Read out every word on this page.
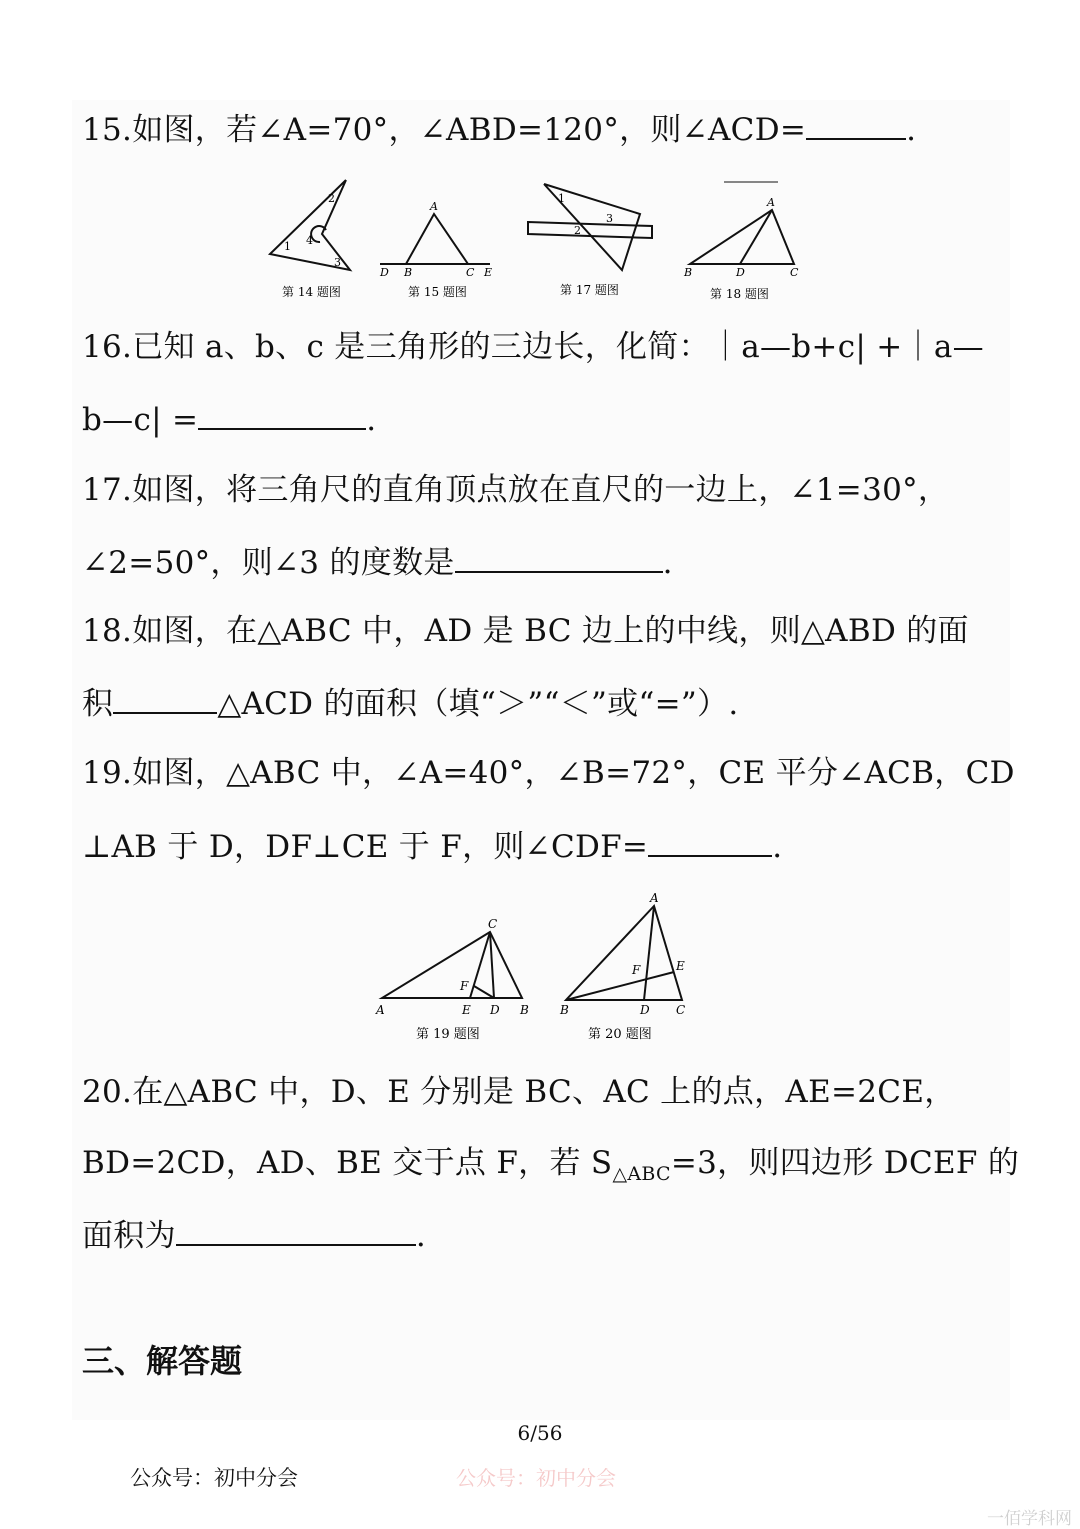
15.如图，若∠A=70°，∠ABD=120°，则∠ACD=	.
1
2
3
4
第 14 题图
A
D B	C E
第 15 题图
1
2
3
第 17 题图
A
B	D	C
第 18 题图
16.已知 a、b、c 是三角形的三边长，化简：｜a—b+c| +｜a—
b—c| =	.
17.如图，将三角尺的直角顶点放在直尺的一边上，∠1=30°，
∠2=50°，则∠3 的度数是	.
18.如图，在△ABC 中，AD 是 BC 边上的中线，则△ABD 的面
积	△ACD 的面积（填“＞”“＜”或“=”）.
19.如图，△ABC 中，∠A=40°，∠B=72°，CE 平分∠ACB，CD
⊥AB 于 D，DF⊥CE 于 F，则∠CDF=	.
C
A	E D B
F
第 19 题图
A
B	D C
E
F
第 20 题图
20.在△ABC 中，D、E 分别是 BC、AC 上的点，AE=2CE，
BD=2CD，AD、BE 交于点 F，若 $S_{\triangle ABC}=3$，则四边形 DCEF 的
面积为	.
三、解答题
6/56
公众号：初中分会	公众号：初中分会
一佰学科网
